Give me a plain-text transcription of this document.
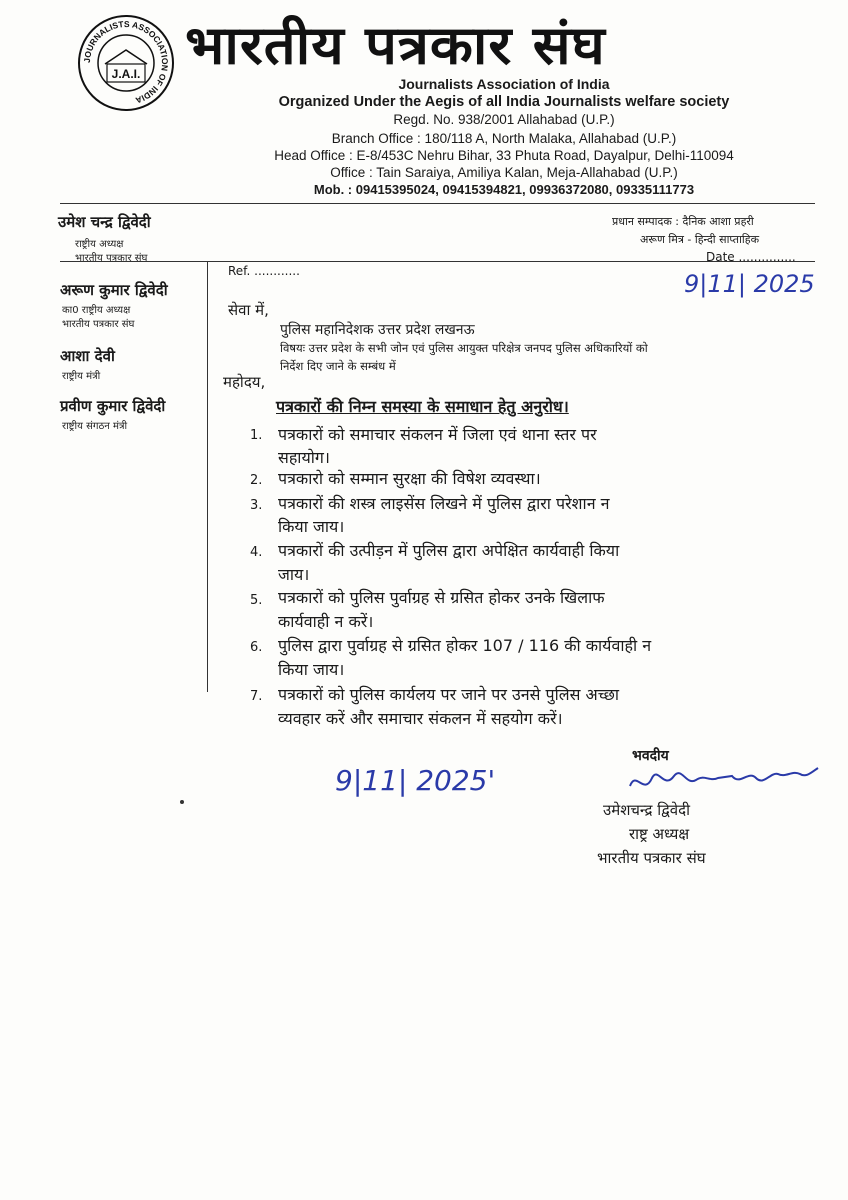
JOURNALISTS ASSOCIATION OF INDIA
J.A.I. भारतीय पत्रकार संघ
Journalists Association of India
Organized Under the Aegis of all India Journalists welfare society
Regd. No. 938/2001 Allahabad (U.P.)
Branch Office : 180/118 A, North Malaka, Allahabad (U.P.)
Head Office : E-8/453C Nehru Bihar, 33 Phuta Road, Dayalpur, Delhi-110094
Office : Tain Saraiya, Amiliya Kalan, Meja-Allahabad (U.P.)
Mob. : 09415395024, 09415394821, 09936372080, 09335111773
उमेश चन्द्र द्विवेदी
राष्ट्रीय अध्यक्ष
भारतीय पत्रकार संघ
प्रधान सम्पादक : दैनिक आशा प्रहरी
अरूण मित्र - हिन्दी साप्ताहिक
अरूण कुमार द्विवेदी
का0 राष्ट्रीय अध्यक्ष
भारतीय पत्रकार संघ
आशा देवी
राष्ट्रीय मंत्री
प्रवीण कुमार द्विवेदी
राष्ट्रीय संगठन मंत्री
Ref. ............
Date ...............
9|11| 2025
सेवा में,
पुलिस महानिदेशक उत्तर प्रदेश लखनऊ
विषयः उत्तर प्रदेश के सभी जोन एवं पुलिस आयुक्त परिक्षेत्र जनपद पुलिस अधिकारियों को
निर्देश दिए जाने के सम्बंध में
महोदय,
पत्रकारों की निम्न समस्या के समाधान हेतु अनुरोध।
1. पत्रकारों को समाचार संकलन में जिला एवं थाना स्तर पर
सहायोग।
2. पत्रकारो को सम्मान सुरक्षा की विषेश व्यवस्था।
3. पत्रकारों की शस्त्र लाइसेंस लिखने में पुलिस द्वारा परेशान न
किया जाय।
4. पत्रकारों की उत्पीड़न में पुलिस द्वारा अपेक्षित कार्यवाही किया
जाय।
5. पत्रकारों को पुलिस पुर्वाग्रह से ग्रसित होकर उनके खिलाफ
कार्यवाही न करें।
6. पुलिस द्वारा पुर्वाग्रह से ग्रसित होकर 107 / 116 की कार्यवाही न
किया जाय।
7. पत्रकारों को पुलिस कार्यलय पर जाने पर उनसे पुलिस अच्छा
व्यवहार करें और समाचार संकलन में सहयोग करें।
भवदीय
9|11| 2025'
उमेश चन्द्र
उमेशचन्द्र द्विवेदी
राष्ट्र अध्यक्ष
भारतीय पत्रकार संघ
